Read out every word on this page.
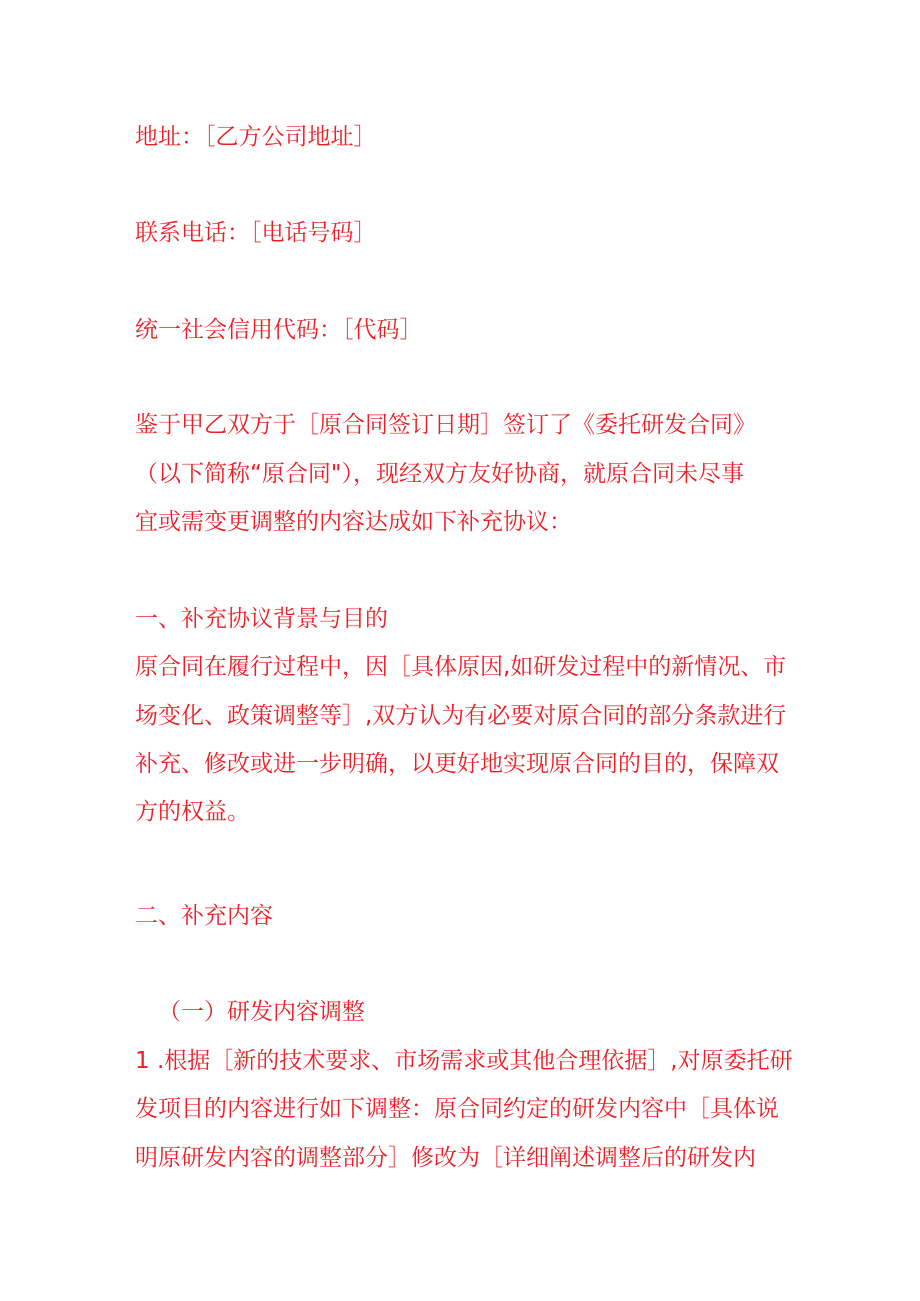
地址：［乙方公司地址］

联系电话：［电话号码］

统一社会信用代码：［代码］

鉴于甲乙双方于［原合同签订日期］签订了《委托研发合同》

（以下简称“原合同"），现经双方友好协商，就原合同未尽事

宜或需变更调整的内容达成如下补充协议：

一、补充协议背景与目的

原合同在履行过程中，因［具体原因,如研发过程中的新情况、市

场变化、政策调整等］,双方认为有必要对原合同的部分条款进行

补充、修改或进一步明确，以更好地实现原合同的目的，保障双

方的权益。

二、补充内容

（一）研发内容调整

1 .根据［新的技术要求、市场需求或其他合理依据］,对原委托研

发项目的内容进行如下调整：原合同约定的研发内容中［具体说

明原研发内容的调整部分］修改为［详细阐述调整后的研发内
